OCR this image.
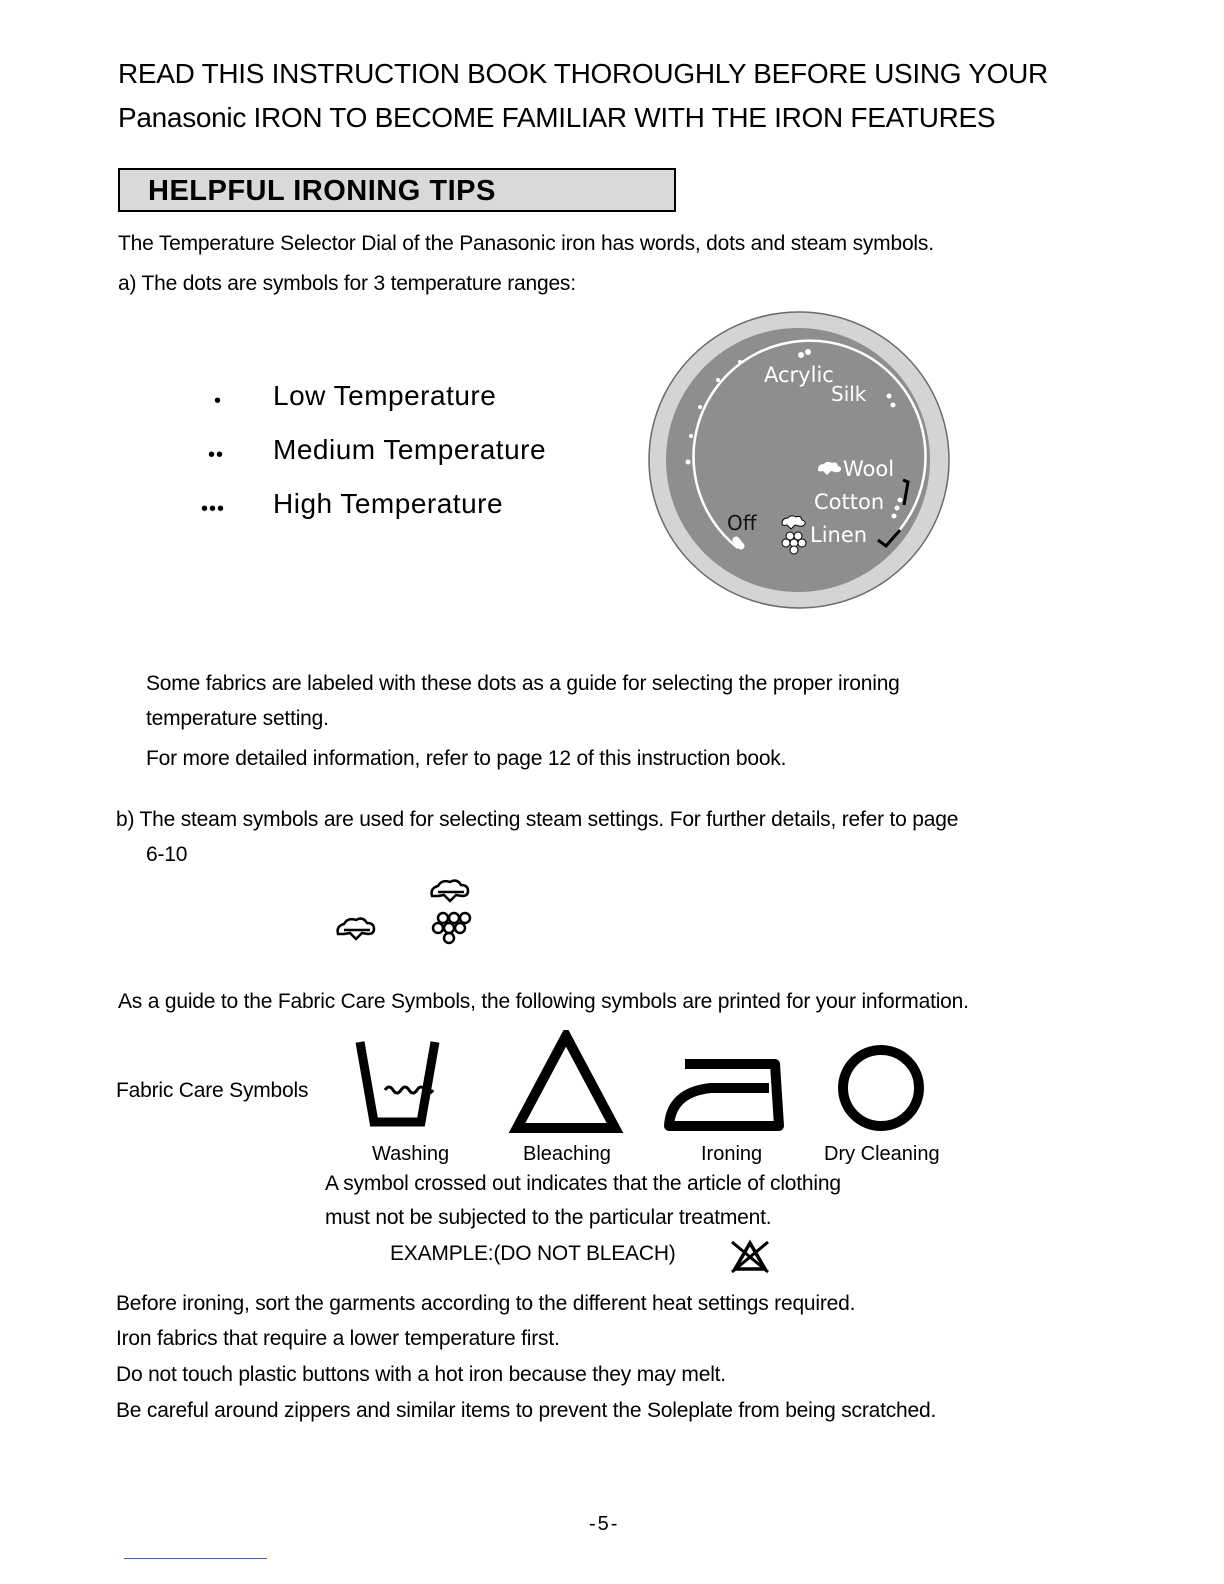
READ THIS INSTRUCTION BOOK THOROUGHLY BEFORE USING YOUR
Panasonic IRON TO BECOME FAMILIAR WITH THE IRON FEATURES
HELPFUL IRONING TIPS
The Temperature Selector Dial of the Panasonic iron has words, dots and steam symbols.
a) The dots are symbols for 3 temperature ranges:
• Low Temperature
•• Medium Temperature
••• High Temperature
Acrylic
Silk
Wool
Cotton
Linen
Off
Some fabrics are labeled with these dots as a guide for selecting the proper ironing
temperature setting.
For more detailed information, refer to page 12 of this instruction book.
b) The steam symbols are used for selecting steam settings. For further details, refer to page
6-10
As a guide to the Fabric Care Symbols, the following symbols are printed for your information.
Fabric Care Symbols
Washing	Bleaching	Ironing	Dry Cleaning
A symbol crossed out indicates that the article of clothing
must not be subjected to the particular treatment.
EXAMPLE:(DO NOT BLEACH)
Before ironing, sort the garments according to the different heat settings required.
Iron fabrics that require a lower temperature first.
Do not touch plastic buttons with a hot iron because they may melt.
Be careful around zippers and similar items to prevent the Soleplate from being scratched.
-5-
